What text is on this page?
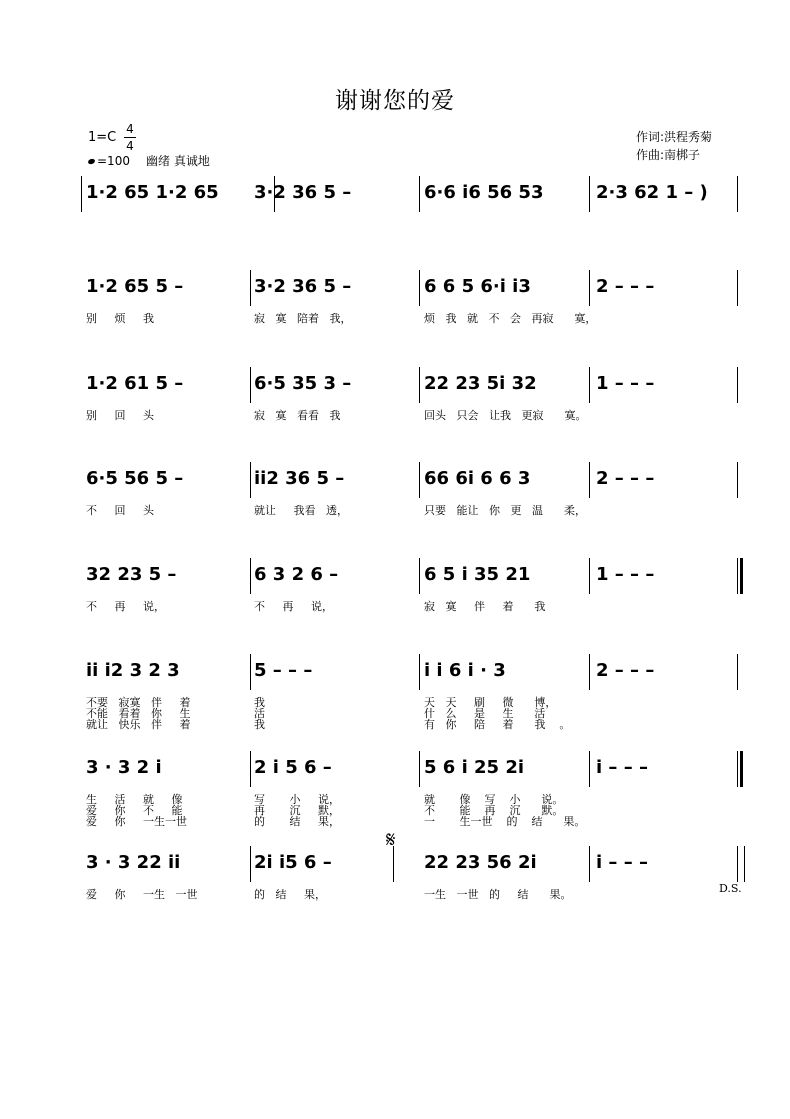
谢谢您的爱
1=C
4
4
=100 幽绪 真诚地
作词:洪程秀菊
作曲:南梆子
1·2 65 1·2 65 3·2 36 5 –	6·6 i6 56 53	2·3 62 1 – )
1·2 65 5 –	3·2 36 5 –	6 6 5 6·i i3	2 – – –
别     烦     我	寂   寞   陪着   我，	烦   我   就   不   会   再寂      寞，
1·2 61 5 –	6·5 35 3 –	22 23 5i 32	1 – – –
别     回     头	寂   寞   看看   我	回头   只会   让我   更寂      寞。
6·5 56 5 –	ii2 36 5 –	66 6i 6 6 3	2 – – –
不     回     头	就让     我看   透，	只要   能让   你   更   温      柔，
32 23 5 –	6 3 2 6 –	6 5 i 35 21	1 – – –
不     再     说，	不     再     说，	寂   寞     伴     着      我
ii i2 3 2 3	5 – – –	i i 6 i · 3	2 – – –
不要   寂寞   伴     着	我	天   天     刷     微      博，
不能   看着   你     生	活	什   么     是     生      活
就让   快乐   伴     着	我	有   你     陪     着      我    。
3 · 3 2 i	2 i 5 6 –	5 6 i 25 2i	i – – –
生     活     就     像	写       小     说，	就       像    写    小      说。
爱     你     不     能	再       沉     默，	不       能    再    沉      默。
爱     你     一生一世	的       结     果，	一       生一世    的    结      果。
3 · 3 22 ii	2i i5 6 –	22 23 56 2i	i – – –
爱     你     一生   一世	的   结     果，	一生   一世   的     结      果。	D.S.
𝄋
